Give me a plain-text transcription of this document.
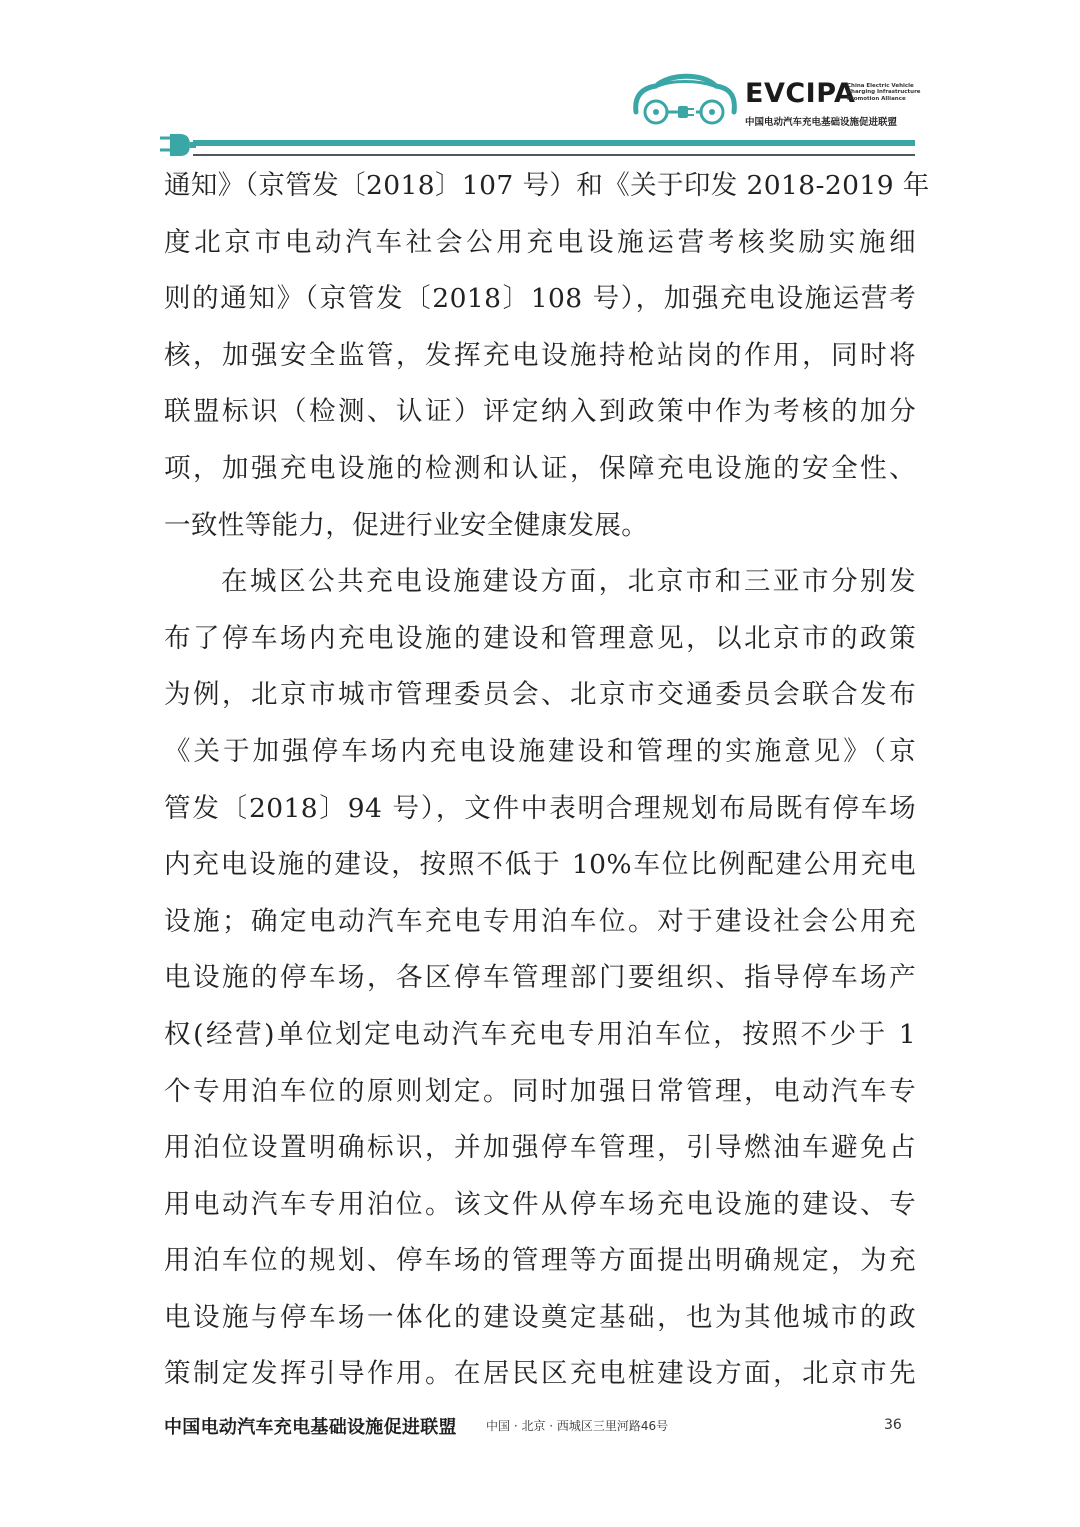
EVCIPA
China Electric Vehicle
Charging Infrastructure
Promotion Alliance
中国电动汽车充电基础设施促进联盟

通知》（京管发〔2018〕107 号）和《关于印发 2018-2019 年
度北京市电动汽车社会公用充电设施运营考核奖励实施细
则的通知》（京管发〔2018〕108 号），加强充电设施运营考
核，加强安全监管，发挥充电设施持枪站岗的作用，同时将
联盟标识（检测、认证）评定纳入到政策中作为考核的加分
项，加强充电设施的检测和认证，保障充电设施的安全性、
一致性等能力，促进行业安全健康发展。

在城区公共充电设施建设方面，北京市和三亚市分别发
布了停车场内充电设施的建设和管理意见，以北京市的政策
为例，北京市城市管理委员会、北京市交通委员会联合发布
《关于加强停车场内充电设施建设和管理的实施意见》（京
管发〔2018〕94 号），文件中表明合理规划布局既有停车场
内充电设施的建设，按照不低于 10%车位比例配建公用充电
设施；确定电动汽车充电专用泊车位。对于建设社会公用充
电设施的停车场，各区停车管理部门要组织、指导停车场产
权(经营)单位划定电动汽车充电专用泊车位，按照不少于 1
个专用泊车位的原则划定。同时加强日常管理，电动汽车专
用泊位设置明确标识，并加强停车管理，引导燃油车避免占
用电动汽车专用泊位。该文件从停车场充电设施的建设、专
用泊车位的规划、停车场的管理等方面提出明确规定，为充
电设施与停车场一体化的建设奠定基础，也为其他城市的政
策制定发挥引导作用。在居民区充电桩建设方面，北京市先

中国电动汽车充电基础设施促进联盟 中国 · 北京 · 西城区三里河路46号	36
